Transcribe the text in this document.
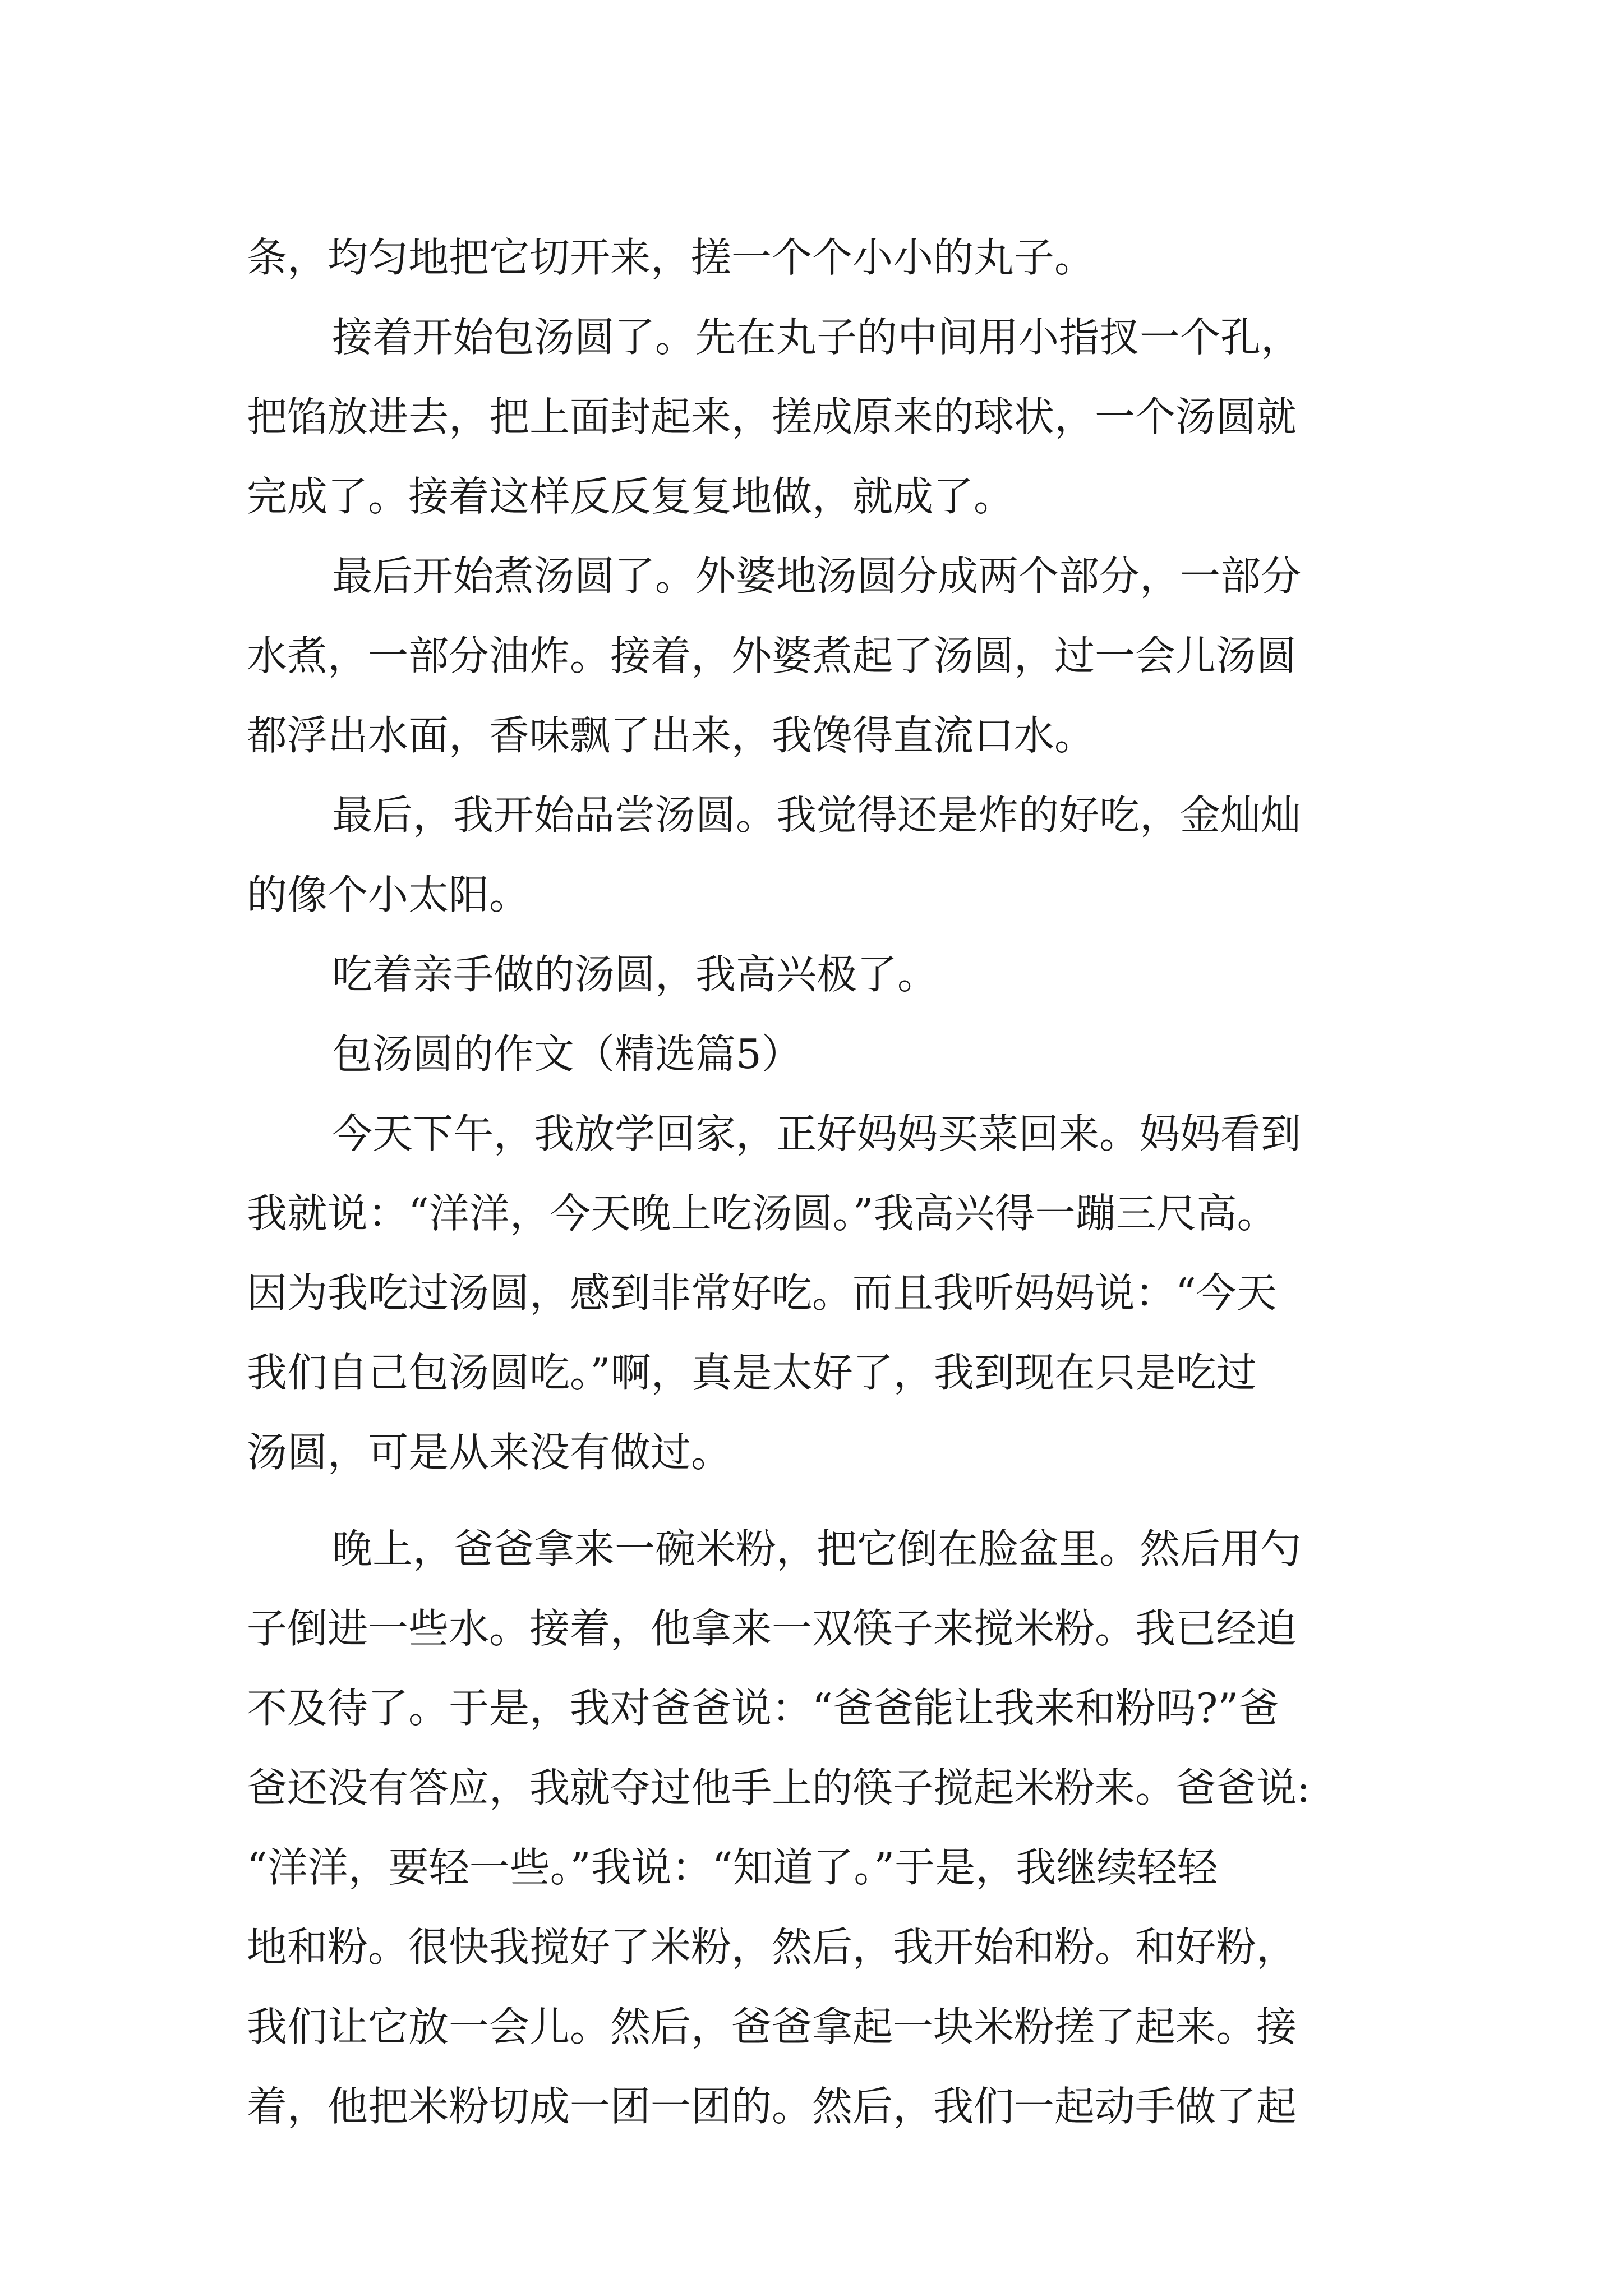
条，均匀地把它切开来，搓一个个小小的丸子。
接着开始包汤圆了。先在丸子的中间用小指扠一个孔，
把馅放进去，把上面封起来，搓成原来的球状，一个汤圆就
完成了。接着这样反反复复地做，就成了。
最后开始煮汤圆了。外婆地汤圆分成两个部分，一部分
水煮，一部分油炸。接着，外婆煮起了汤圆，过一会儿汤圆
都浮出水面，香味飘了出来，我馋得直流口水。
最后，我开始品尝汤圆。我觉得还是炸的好吃，金灿灿
的像个小太阳。
吃着亲手做的汤圆，我高兴极了。
包汤圆的作文（精选篇5）
今天下午，我放学回家，正好妈妈买菜回来。妈妈看到
我就说：“洋洋，今天晚上吃汤圆。”我高兴得一蹦三尺高。
因为我吃过汤圆，感到非常好吃。而且我听妈妈说：“今天
我们自己包汤圆吃。”啊，真是太好了，我到现在只是吃过
汤圆，可是从来没有做过。
晚上，爸爸拿来一碗米粉，把它倒在脸盆里。然后用勺
子倒进一些水。接着，他拿来一双筷子来搅米粉。我已经迫
不及待了。于是，我对爸爸说：“爸爸能让我来和粉吗?”爸
爸还没有答应，我就夺过他手上的筷子搅起米粉来。爸爸说:
“洋洋，要轻一些。”我说：“知道了。”于是，我继续轻轻
地和粉。很快我搅好了米粉，然后，我开始和粉。和好粉，
我们让它放一会儿。然后，爸爸拿起一块米粉搓了起来。接
着，他把米粉切成一团一团的。然后，我们一起动手做了起
